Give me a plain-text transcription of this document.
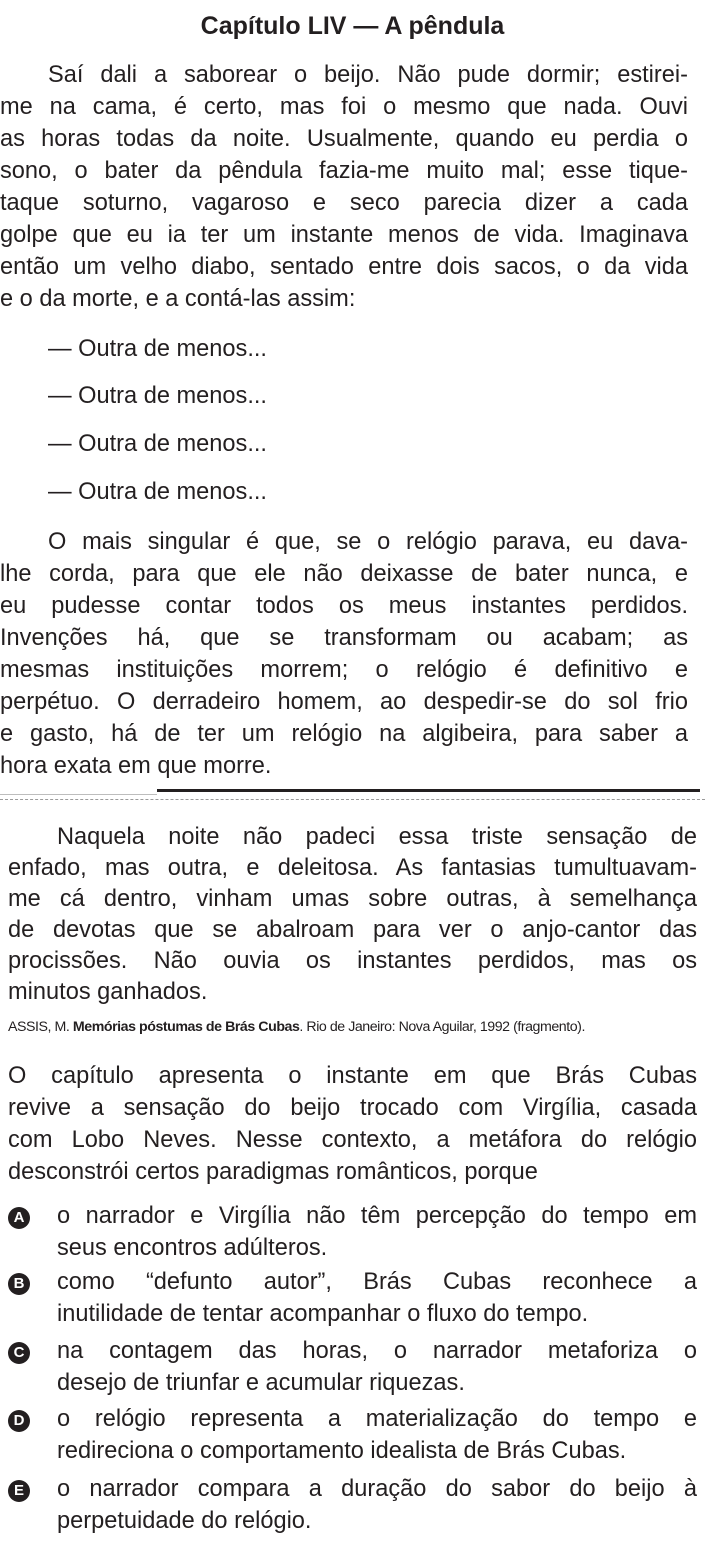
Capítulo LIV — A pêndula
Saí dali a saborear o beijo. Não pude dormir; estirei-
me na cama, é certo, mas foi o mesmo que nada. Ouvi
as horas todas da noite. Usualmente, quando eu perdia o
sono, o bater da pêndula fazia-me muito mal; esse tique-
taque soturno, vagaroso e seco parecia dizer a cada
golpe que eu ia ter um instante menos de vida. Imaginava
então um velho diabo, sentado entre dois sacos, o da vida
e o da morte, e a contá-las assim:
— Outra de menos...
— Outra de menos...
— Outra de menos...
— Outra de menos...
O mais singular é que, se o relógio parava, eu dava-
lhe corda, para que ele não deixasse de bater nunca, e
eu pudesse contar todos os meus instantes perdidos.
Invenções há, que se transformam ou acabam; as
mesmas instituições morrem; o relógio é definitivo e
perpétuo. O derradeiro homem, ao despedir-se do sol frio
e gasto, há de ter um relógio na algibeira, para saber a
hora exata em que morre.
Naquela noite não padeci essa triste sensação de
enfado, mas outra, e deleitosa. As fantasias tumultuavam-
me cá dentro, vinham umas sobre outras, à semelhança
de devotas que se abalroam para ver o anjo-cantor das
procissões. Não ouvia os instantes perdidos, mas os
minutos ganhados.
ASSIS, M. Memórias póstumas de Brás Cubas. Rio de Janeiro: Nova Aguilar, 1992 (fragmento).
O capítulo apresenta o instante em que Brás Cubas
revive a sensação do beijo trocado com Virgília, casada
com Lobo Neves. Nesse contexto, a metáfora do relógio
desconstrói certos paradigmas românticos, porque
A o narrador e Virgília não têm percepção do tempo em
seus encontros adúlteros.
B como “defunto autor”, Brás Cubas reconhece a
inutilidade de tentar acompanhar o fluxo do tempo.
C na contagem das horas, o narrador metaforiza o
desejo de triunfar e acumular riquezas.
D o relógio representa a materialização do tempo e
redireciona o comportamento idealista de Brás Cubas.
E o narrador compara a duração do sabor do beijo à
perpetuidade do relógio.
